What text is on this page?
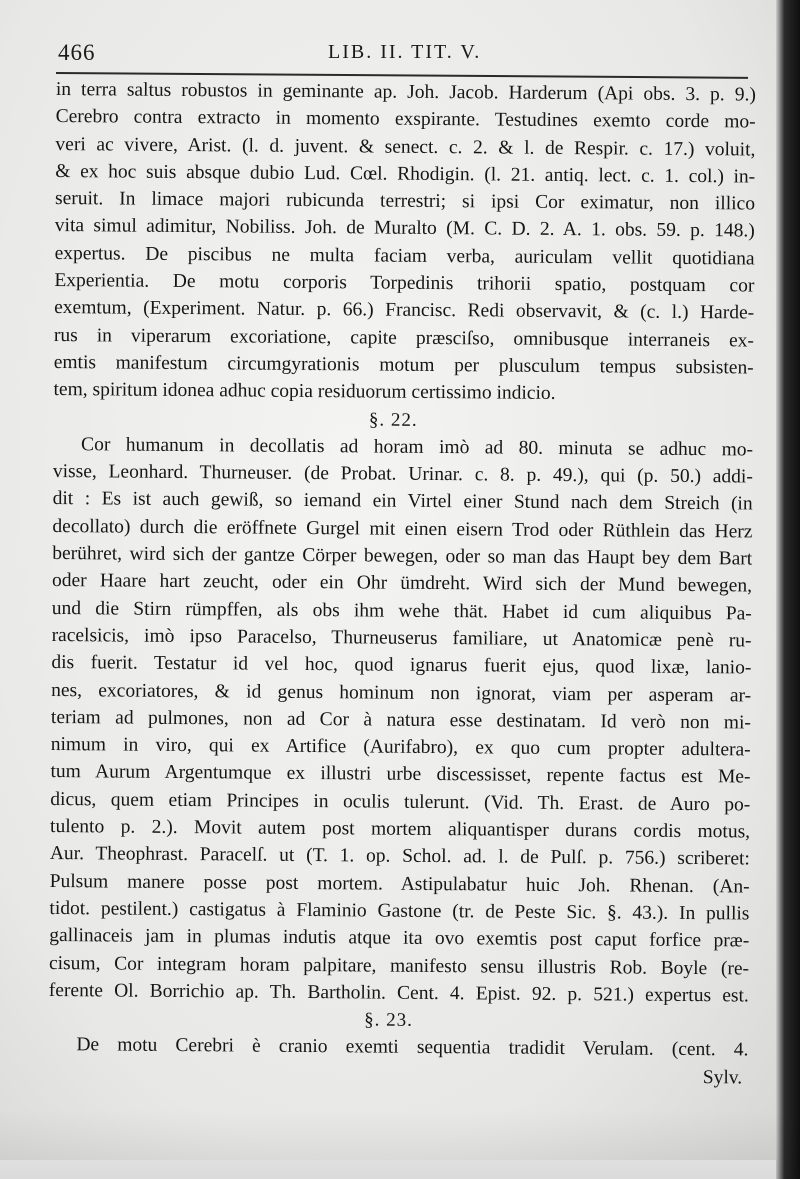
466	LIB. II. TIT. V.
in terra saltus robustos in geminante ap. Joh. Jacob. Harderum (Api obs. 3. p. 9.)
Cerebro contra extracto in momento exspirante. Testudines exemto corde mo-
veri ac vivere, Arist. (l. d. juvent. & senect. c. 2. & l. de Respir. c. 17.) voluit,
& ex hoc suis absque dubio Lud. Cœl. Rhodigin. (l. 21. antiq. lect. c. 1. col.) in-
seruit. In limace majori rubicunda terrestri; si ipsi Cor eximatur, non illico
vita simul adimitur, Nobiliss. Joh. de Muralto (M. C. D. 2. A. 1. obs. 59. p. 148.)
expertus. De piscibus ne multa faciam verba, auriculam vellit quotidiana
Experientia. De motu corporis Torpedinis trihorii spatio, postquam cor
exemtum, (Experiment. Natur. p. 66.) Francisc. Redi observavit, & (c. l.) Harde-
rus in viperarum excoriatione, capite præsciſso, omnibusque interraneis ex-
emtis manifestum circumgyrationis motum per plusculum tempus subsisten-
tem, spiritum idonea adhuc copia residuorum certissimo indicio.
§. 22.
Cor humanum in decollatis ad horam imò ad 80. minuta se adhuc mo-
visse, Leonhard. Thurneuser. (de Probat. Urinar. c. 8. p. 49.), qui (p. 50.) addi-
dit : Es ist auch gewiß, so iemand ein Virtel einer Stund nach dem Streich (in
decollato) durch die eröffnete Gurgel mit einen eisern Trod oder Rüthlein das Herz
berühret, wird sich der gantze Cörper bewegen, oder so man das Haupt bey dem Bart
oder Haare hart zeucht, oder ein Ohr ümdreht. Wird sich der Mund bewegen,
und die Stirn rümpffen, als obs ihm wehe thät. Habet id cum aliquibus Pa-
racelsicis, imò ipso Paracelso, Thurneuserus familiare, ut Anatomicæ penè ru-
dis fuerit. Testatur id vel hoc, quod ignarus fuerit ejus, quod lixæ, lanio-
nes, excoriatores, & id genus hominum non ignorat, viam per asperam ar-
teriam ad pulmones, non ad Cor à natura esse destinatam. Id verò non mi-
nimum in viro, qui ex Artifice (Aurifabro), ex quo cum propter adultera-
tum Aurum Argentumque ex illustri urbe discessisset, repente factus est Me-
dicus, quem etiam Principes in oculis tulerunt. (Vid. Th. Erast. de Auro po-
tulento p. 2.). Movit autem post mortem aliquantisper durans cordis motus,
Aur. Theophrast. Paracelſ. ut (T. 1. op. Schol. ad. l. de Pulſ. p. 756.) scriberet:
Pulsum manere posse post mortem. Astipulabatur huic Joh. Rhenan. (An-
tidot. pestilent.) castigatus à Flaminio Gastone (tr. de Peste Sic. §. 43.). In pullis
gallinaceis jam in plumas indutis atque ita ovo exemtis post caput forfice præ-
cisum, Cor integram horam palpitare, manifesto sensu illustris Rob. Boyle (re-
ferente Ol. Borrichio ap. Th. Bartholin. Cent. 4. Epist. 92. p. 521.) expertus est.
§. 23.
De motu Cerebri è cranio exemti sequentia tradidit Verulam. (cent. 4.
Sylv.
